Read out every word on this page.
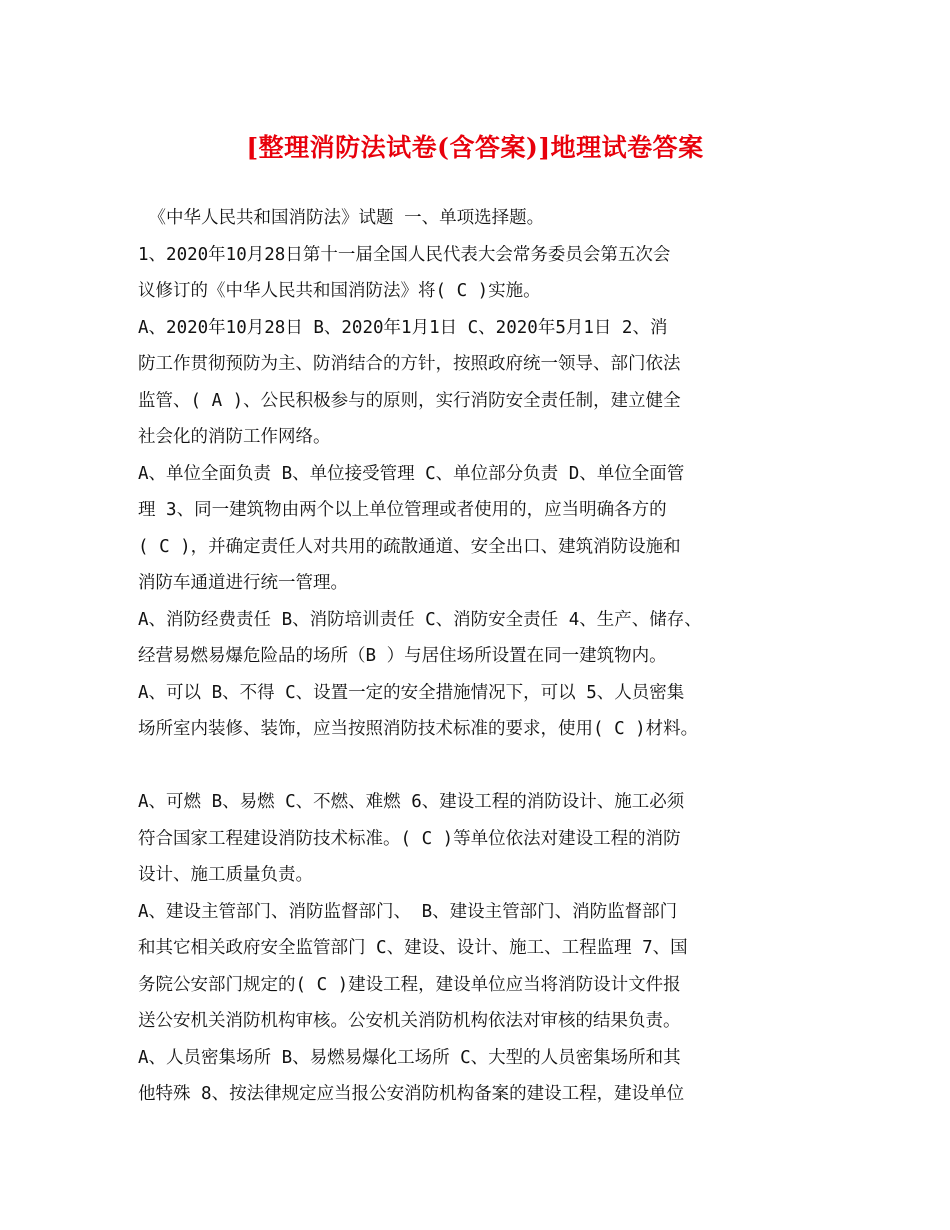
[整理消防法试卷(含答案)]地理试卷答案
《中华人民共和国消防法》试题 一、单项选择题。
1、2020年10月28日第十一届全国人民代表大会常务委员会第五次会
议修订的《中华人民共和国消防法》将( C )实施。
A、2020年10月28日 B、2020年1月1日 C、2020年5月1日 2、消
防工作贯彻预防为主、防消结合的方针，按照政府统一领导、部门依法
监管、( A )、公民积极参与的原则，实行消防安全责任制，建立健全
社会化的消防工作网络。
A、单位全面负责 B、单位接受管理 C、单位部分负责 D、单位全面管
理 3、同一建筑物由两个以上单位管理或者使用的，应当明确各方的
( C )，并确定责任人对共用的疏散通道、安全出口、建筑消防设施和
消防车通道进行统一管理。
A、消防经费责任 B、消防培训责任 C、消防安全责任 4、生产、储存、
经营易燃易爆危险品的场所（B ）与居住场所设置在同一建筑物内。
A、可以 B、不得 C、设置一定的安全措施情况下，可以 5、人员密集
场所室内装修、装饰，应当按照消防技术标准的要求，使用( C )材料。
A、可燃 B、易燃 C、不燃、难燃 6、建设工程的消防设计、施工必须
符合国家工程建设消防技术标准。( C )等单位依法对建设工程的消防
设计、施工质量负责。
A、建设主管部门、消防监督部门、 B、建设主管部门、消防监督部门
和其它相关政府安全监管部门 C、建设、设计、施工、工程监理 7、国
务院公安部门规定的( C )建设工程，建设单位应当将消防设计文件报
送公安机关消防机构审核。公安机关消防机构依法对审核的结果负责。
A、人员密集场所 B、易燃易爆化工场所 C、大型的人员密集场所和其
他特殊 8、按法律规定应当报公安消防机构备案的建设工程，建设单位
